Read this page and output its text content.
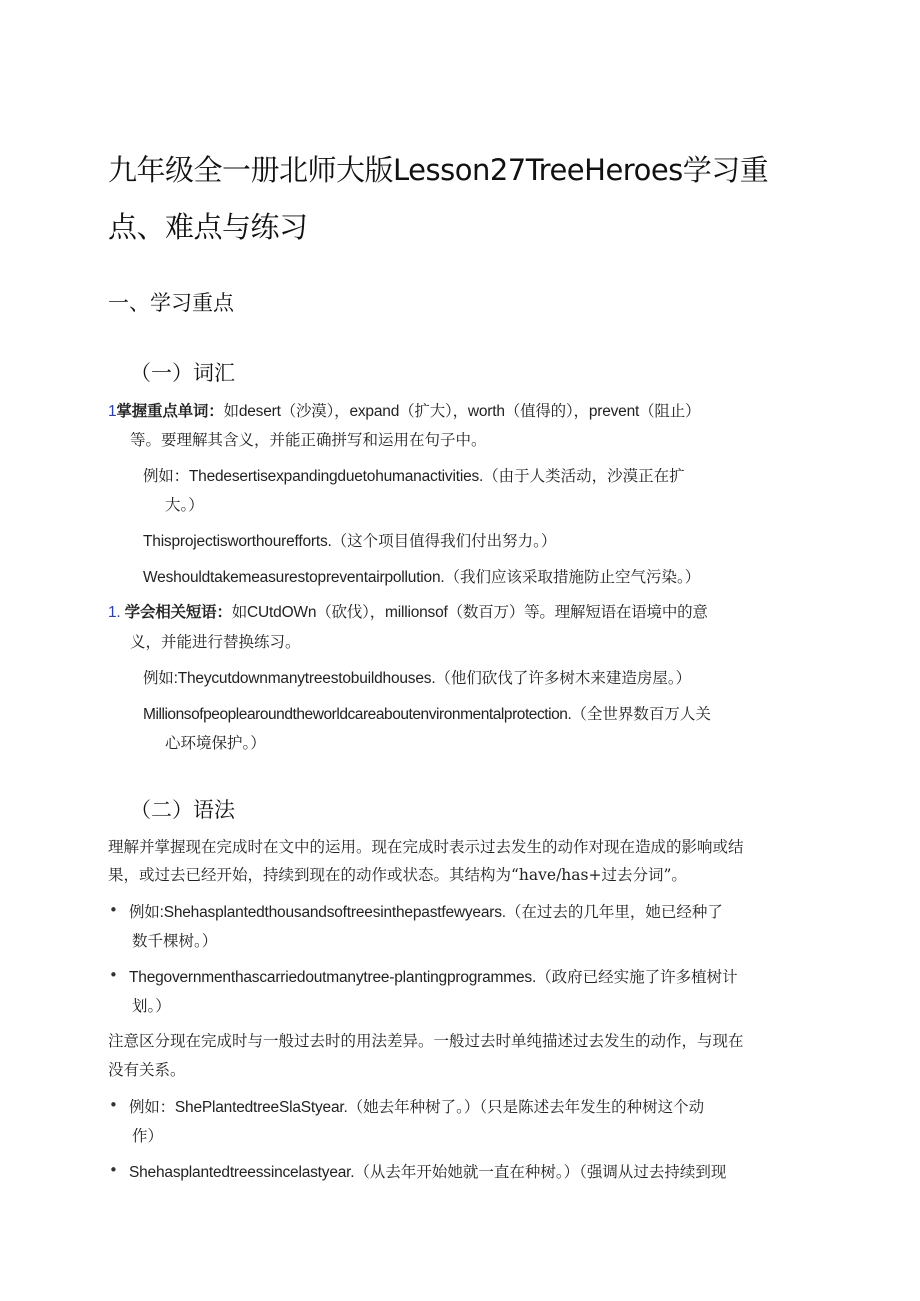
九年级全一册北师大版Lesson27TreeHeroes学习重
点、难点与练习
一、学习重点
（一）词汇
1掌握重点单词：如desert（沙漠），expand（扩大），worth（值得的），prevent（阻止）
等。要理解其含义，并能正确拼写和运用在句子中。
例如：Thedesertisexpandingduetohumanactivities.（由于人类活动，沙漠正在扩
大。）
Thisprojectisworthourefforts.（这个项目值得我们付出努力。）
Weshouldtakemeasurestopreventairpollution.（我们应该采取措施防止空气污染。）
1. 学会相关短语：如CUtdOWn（砍伐），millionsof（数百万）等。理解短语在语境中的意
义，并能进行替换练习。
例如:Theycutdownmanytreestobuildhouses.（他们砍伐了许多树木来建造房屋。）
Millionsofpeoplearoundtheworldcareaboutenvironmentalprotection.（全世界数百万人关
心环境保护。）
（二）语法
理解并掌握现在完成时在文中的运用。现在完成时表示过去发生的动作对现在造成的影响或结
果，或过去已经开始，持续到现在的动作或状态。其结构为“have/has+过去分词”。
• 例如:Shehasplantedthousandsoftreesinthepastfewyears.（在过去的几年里，她已经种了
数千棵树。）
• Thegovernmenthascarriedoutmanytree-plantingprogrammes.（政府已经实施了许多植树计
划。）
注意区分现在完成时与一般过去时的用法差异。一般过去时单纯描述过去发生的动作，与现在
没有关系。
• 例如：ShePlantedtreeSlaStyear.（她去年种树了。）（只是陈述去年发生的种树这个动
作）
• Shehasplantedtreessincelastyear.（从去年开始她就一直在种树。）（强调从过去持续到现
